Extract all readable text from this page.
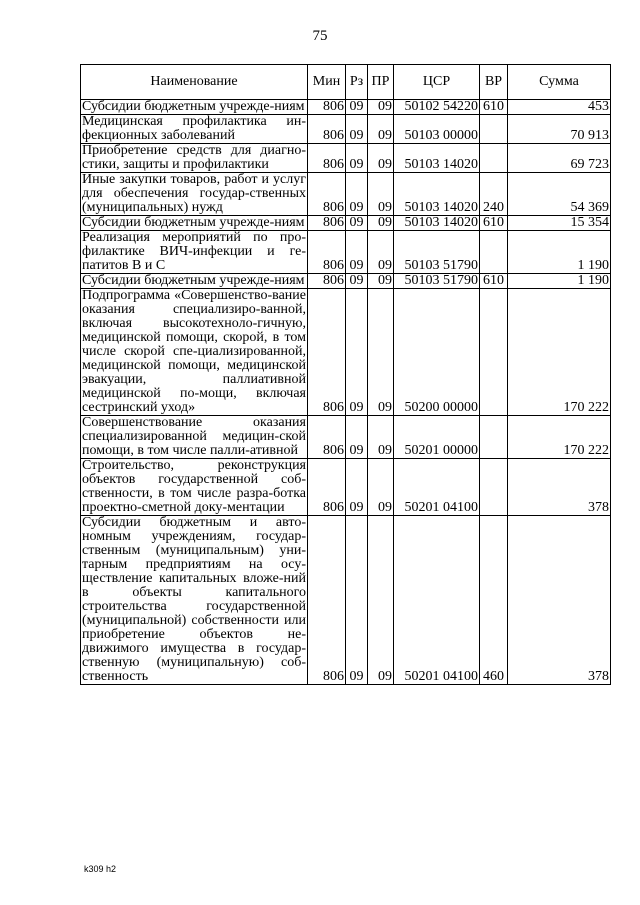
75
Наименование	Мин	Рз	ПР	ЦСР	ВР	Сумма
Субсидии бюджетным учрежде-ниям	806	09	09	50102 54220	610	453
Медицинская профилактика ин-фекционных заболеваний	806	09	09	50103 00000		70 913
Приобретение средств для диагно-стики, защиты и профилактики	806	09	09	50103 14020		69 723
Иные закупки товаров, работ и услуг для обеспечения государ-ственных (муниципальных) нужд	806	09	09	50103 14020	240	54 369
Субсидии бюджетным учрежде-ниям	806	09	09	50103 14020	610	15 354
Реализация мероприятий по про-филактике ВИЧ-инфекции и ге-патитов В и С	806	09	09	50103 51790		1 190
Субсидии бюджетным учрежде-ниям	806	09	09	50103 51790	610	1 190
Подпрограмма «Совершенство-вание оказания специализиро-ванной, включая высокотехноло-гичную, медицинской помощи, скорой, в том числе скорой спе-циализированной, медицинской помощи, медицинской эвакуации, паллиативной медицинской по-мощи, включая сестринский уход»	806	09	09	50200 00000		170 222
Совершенствование оказания специализированной медицин-ской помощи, в том числе палли-ативной	806	09	09	50201 00000		170 222
Строительство, реконструкция объектов государственной соб-ственности, в том числе разра-ботка проектно-сметной доку-ментации	806	09	09	50201 04100		378
Субсидии бюджетным и авто-номным учреждениям, государ-ственным (муниципальным) уни-тарным предприятиям на осу-ществление капитальных вложе-ний в объекты капитального строительства государственной (муниципальной) собственности или приобретение объектов не-движимого имущества в государ-ственную (муниципальную) соб-ственность	806	09	09	50201 04100	460	378
k309 h2
